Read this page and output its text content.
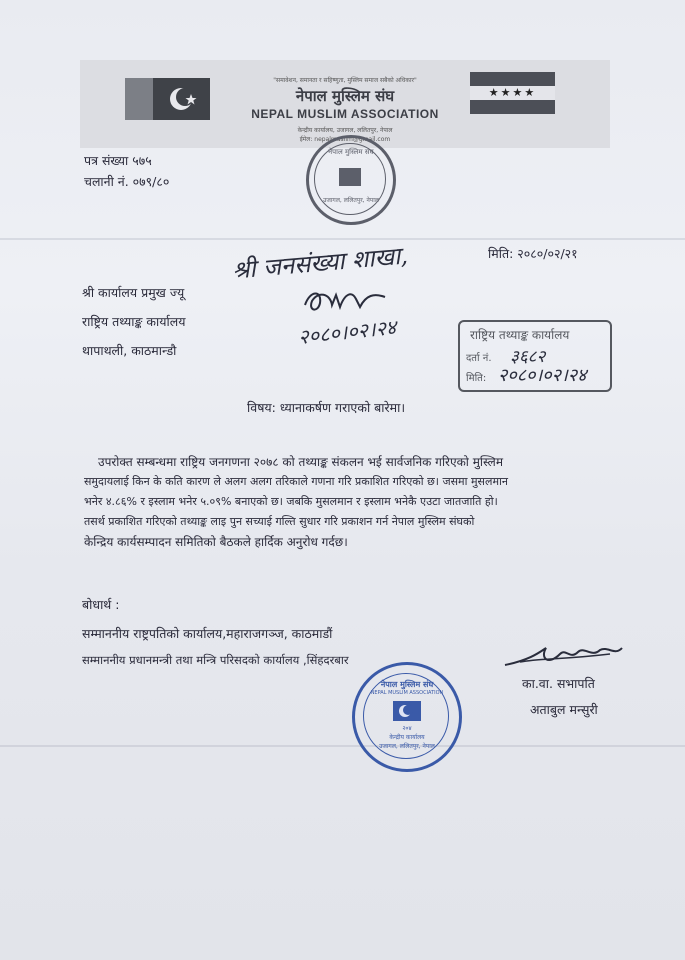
★★★★
"समावेशन, समानता र सहिष्णुता, मुस्लिम समाज सबैको अधिकार"
नेपाल मुस्लिम संघ
NEPAL MUSLIM ASSOCIATION
केन्द्रीय कार्यालय, उजागल, ललितपुर, नेपाल
ईमेल: nepalmuslim@gmail.com
नेपाल मुस्लिम संघ
उजागल, ललितपुर, नेपाल
पत्र संख्या ५७५
चलानी नं. ०७९/८०
मिति: २०८०/०२/२१
श्री जनसंख्या शाखा,
२०८०।०२।२४
श्री कार्यालय प्रमुख ज्यू
राष्ट्रिय तथ्याङ्क कार्यालय
थापाथली, काठमान्डौ
राष्ट्रिय तथ्याङ्क कार्यालय
दर्ता नं. ३६८२
मिति: २०८०।०२।२४
विषय: ध्यानाकर्षण गराएको बारेमा।
उपरोक्त सम्बन्धमा राष्ट्रिय जनगणना २०७८ को तथ्याङ्क संकलन भई सार्वजनिक गरिएको मुस्लिम
समुदायलाई किन के कति कारण ले अलग अलग तरिकाले गणना गरि प्रकाशित गरिएको छ। जसमा मुसलमान
भनेर ४.८६% र इस्लाम भनेर ५.०९% बनाएको छ। जबकि मुसलमान र इस्लाम भनेकै एउटा जातजाति हो।
तसर्थ प्रकाशित गरिएको तथ्याङ्क लाइ पुन सच्याई गल्ति सुधार गरि प्रकाशन गर्न नेपाल मुस्लिम संघको
केन्द्रिय कार्यसम्पादन समितिको बैठकले हार्दिक अनुरोध गर्दछ।
बोधार्थ :
सम्माननीय राष्ट्रपतिको कार्यालय,महाराजगञ्ज, काठमाडौं
सम्माननीय प्रधानमन्त्री तथा मन्त्रि परिसदको कार्यालय ,सिंहदरबार
का.वा. सभापति
अताबुल मन्सुरी
नेपाल मुस्लिम संघ
NEPAL MUSLIM ASSOCIATION
२०४
केन्द्रीय कार्यालय
उजागल, ललितपुर, नेपाल
